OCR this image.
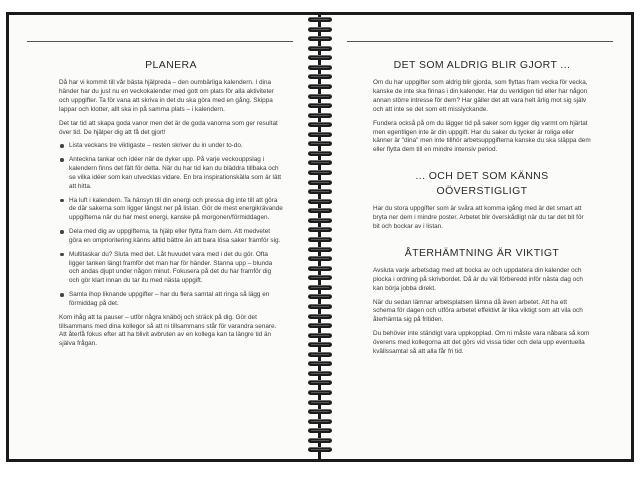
PLANERA

Då har vi kommit till vår bästa hjälpreda – den oumbärliga kalendern. I dina händer har du just nu en veckokalender med gott om plats för alla aktiviteter och uppgifter. Ta för vana att skriva in det du ska göra med en gång. Skippa lappar och klotter, allt ska in på samma plats – i kalendern.

Det tar tid att skapa goda vanor men det är de goda vanorna som ger resultat över tid. De hjälper dig att få det gjort!

Lista veckans tre viktigaste – resten skriver du in under to-do.
Anteckna tankar och idéer när de dyker upp. På varje veckouppslag i kalendern finns det fält för detta. När du har tid kan du bläddra tillbaka och se vilka idéer som kan utvecklas vidare. En bra inspirationskälla som är lätt att hitta.
Ha luft i kalendern. Ta hänsyn till din energi och pressa dig inte till att göra de där sakerna som ligger längst ner på listan. Gör de mest energikrävande uppgifterna när du har mest energi, kanske på morgonen/förmiddagen.
Dela med dig av uppgifterna, ta hjälp eller flytta fram dem. Att medvetet göra en omprioritering känns alltid bättre än att bara lösa saker framför sig.
Multitaskar du? Sluta med det. Låt huvudet vara med i det du gör. Ofta ligger tanken längt framför det man har för händer. Stanna upp – blunda och andas djupt under någon minut. Fokusera på det du har framför dig och gör klart innan du tar itu med nästa uppgift.
Samla ihop liknande uppgifter – har du flera samtal att ringa så lägg en förmiddag på det.

Kom ihåg att ta pauser – utför några knäböj och sträck på dig. Gör det tillsammans med dina kollegor så att ni tillsammans står för varandra senare. Att återfå fokus efter att ha blivit avbruten av en kollega kan ta längre tid än själva frågan.

DET SOM ALDRIG BLIR GJORT ...

Om du har uppgifter som aldrig blir gjorda, som flyttas fram vecka för vecka, kanske de inte ska finnas i din kalender. Har du verkligen tid eller har någon annan större intresse för dem? Har gäller det att vara helt ärlig mot sig själv och att inte se det som ett misslyckande.

Fundera också på om du lägger tid på saker som ligger dig varmt om hjärtat men egentligen inte är din uppgift. Har du saker du tycker är roliga eller känner är "dina" men inte tillhör arbetsuppgifterna kanske du ska släppa dem eller flytta dem till en mindre intensiv period.

... OCH DET SOM KÄNNS OÖVERSTIGLIGT

Har du stora uppgifter som är svåra att komma igång med är det smart att bryta ner dem i mindre poster. Arbetet blir överskådligt när du tar det bit för bit och bockar av i listan.

ÅTERHÄMTNING ÄR VIKTIGT

Avsluta varje arbetsdag med att bocka av och uppdatera din kalender och plocka i ordning på skrivbordet. Då är du väl förberedd inför nästa dag och kan börja jobba direkt.

När du sedan lämnar arbetsplatsen lämna då även arbetet. Att ha ett schema för dagen och utföra arbetet effektivt är lika viktigt som att vila och återhämta sig på fritiden.

Du behöver inte ständigt vara uppkopplad. Om ni måste vara nåbara så kom överens med kollegorna att det görs vid vissa tider och dela upp eventuella kvällssamtal så att alla får fri tid.
